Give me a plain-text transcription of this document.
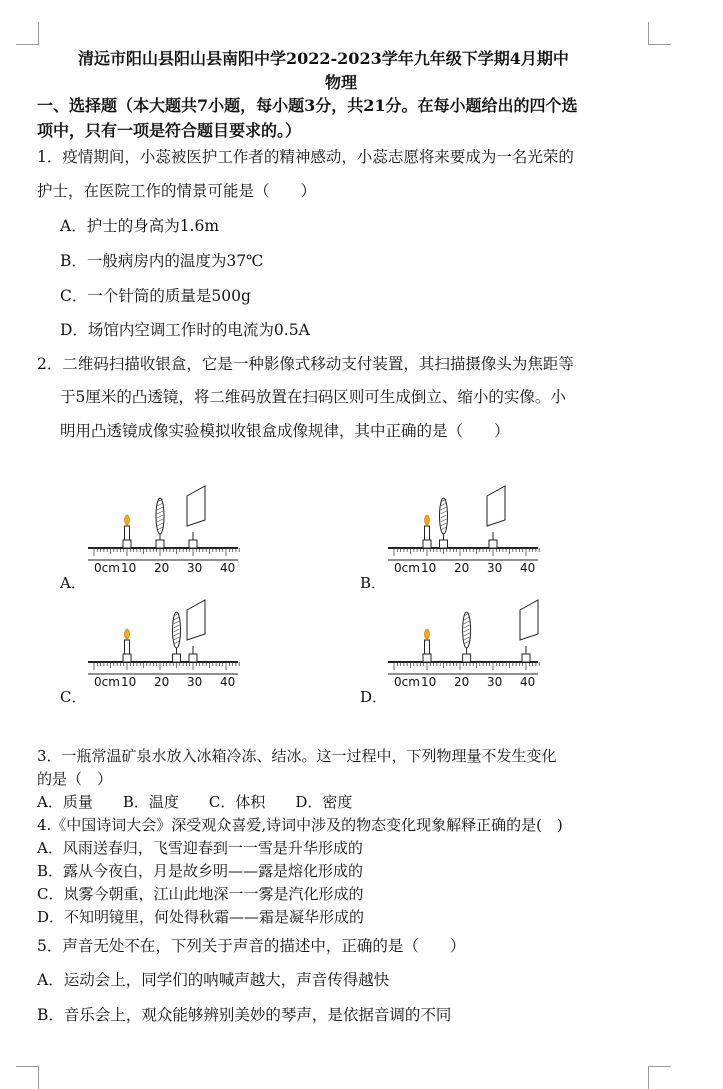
清远市阳山县阳山县南阳中学2022-2023学年九年级下学期4月期中
物理
一、选择题（本大题共7小题，每小题3分，共21分。在每小题给出的四个选
项中，只有一项是符合题目要求的。）
1．疫情期间，小蕊被医护工作者的精神感动，小蕊志愿将来要成为一名光荣的
护士，在医院工作的情景可能是（　　）
A．护士的身高为1.6m
B．一般病房内的温度为37℃
C．一个针筒的质量是500g
D．场馆内空调工作时的电流为0.5A
2．二维码扫描收银盒，它是一种影像式移动支付装置，其扫描摄像头为焦距等
于5厘米的凸透镜，将二维码放置在扫码区则可生成倒立、缩小的实像。小
明用凸透镜成像实验模拟收银盒成像规律，其中正确的是（　　）
A．	B．
C．	D．
0cm 10 20 30 40	0cm 10 20 30 40
0cm 10 20 30 40	0cm 10 20 30 40
3．一瓶常温矿泉水放入冰箱冷冻、结冰。这一过程中，下列物理量不发生变化
的是（　）
A．质量　　B．温度　　C．体积　　D．密度
4.《中国诗词大会》深受观众喜爱,诗词中涉及的物态变化现象解释正确的是(　)
A．风雨送春归，飞雪迎春到一一雪是升华形成的
B．露从今夜白，月是故乡明——露是熔化形成的
C．岚雾今朝重，江山此地深一一雾是汽化形成的
D．不知明镜里，何处得秋霜——霜是凝华形成的
5．声音无处不在，下列关于声音的描述中，正确的是（　　）
A．运动会上，同学们的呐喊声越大，声音传得越快
B．音乐会上，观众能够辨别美妙的琴声，是依据音调的不同
